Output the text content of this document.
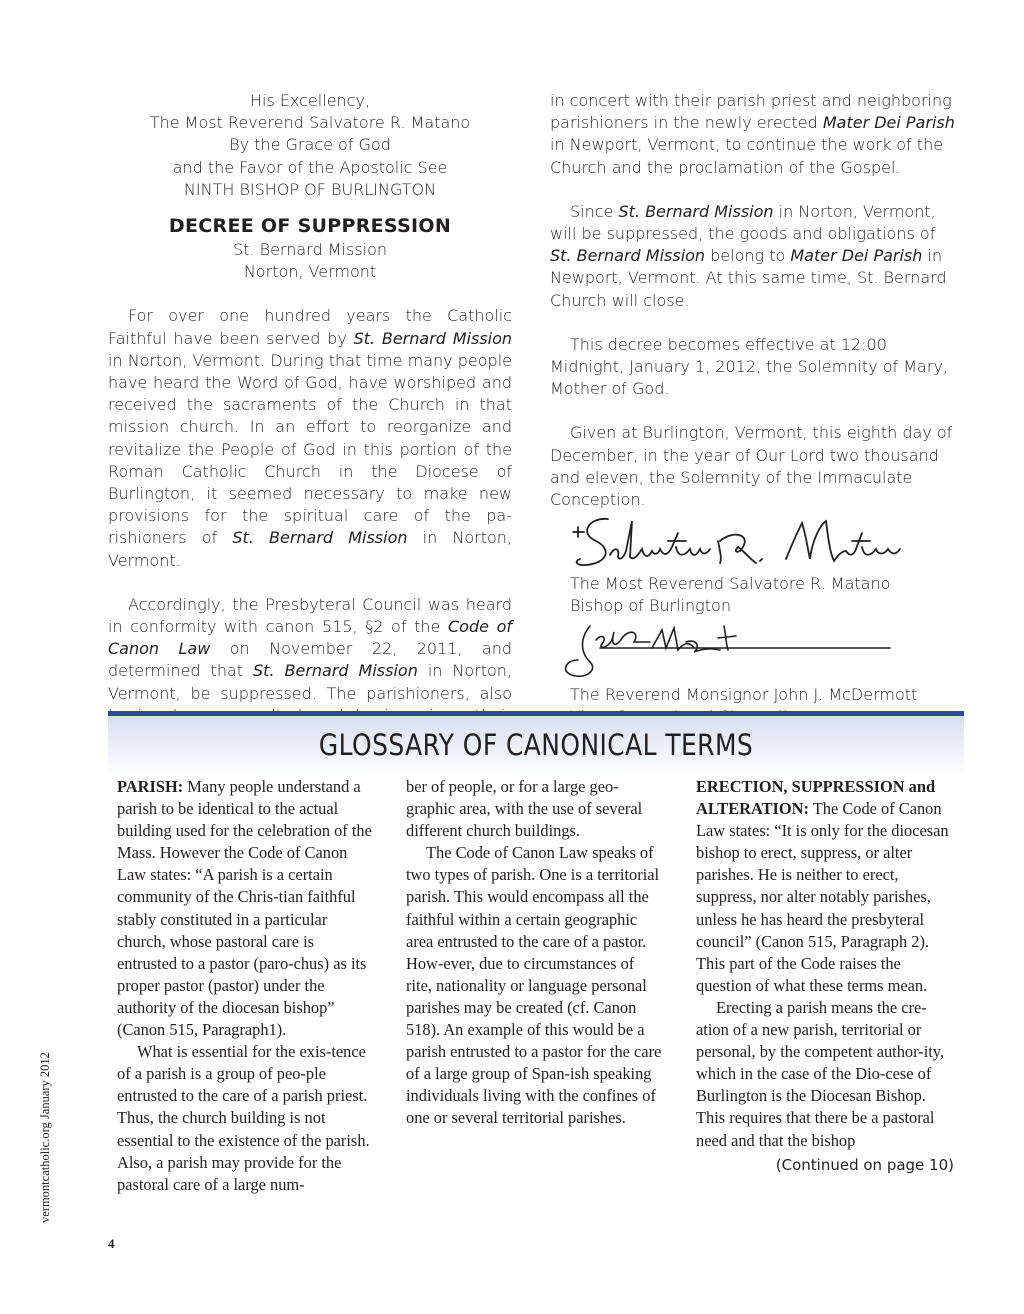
His Excellency,
The Most Reverend Salvatore R. Matano
By the Grace of God
and the Favor of the Apostolic See
NINTH BISHOP OF BURLINGTON
DECREE OF SUPPRESSION
St. Bernard Mission
Norton, Vermont

For over one hundred years the Catholic Faithful have been served by St. Bernard Mission in Norton, Vermont. During that time many people have heard the Word of God, have worshiped and received the sacraments of the Church in that mission church. In an effort to reorganize and revitalize the People of God in this portion of the Roman Catholic Church in the Diocese of Burlington, it seemed necessary to make new provisions for the spiritual care of the pa-rishioners of St. Bernard Mission in Norton, Vermont.

Accordingly, the Presbyteral Council was heard in conformity with canon 515, §2 of the Code of Canon Law on November 22, 2011, and determined that St. Bernard Mission in Norton, Vermont, be suppressed. The parishioners, also

in concert with their parish priest and neighboring parishioners in the newly erected Mater Dei Parish in Newport, Vermont, to continue the work of the Church and the proclamation of the Gospel.

Since St. Bernard Mission in Norton, Vermont, will be suppressed, the goods and obligations of St. Bernard Mission belong to Mater Dei Parish in Newport, Vermont. At this same time, St. Bernard Church will close.

This decree becomes effective at 12:00 Midnight, January 1, 2012, the Solemnity of Mary, Mother of God.

Given at Burlington, Vermont, this eighth day of December, in the year of Our Lord two thousand and eleven, the Solemnity of the Immaculate Conception.

The Most Reverend Salvatore R. Matano
Bishop of Burlington
The Reverend Monsignor John J. McDermott
GLOSSARY OF CANONICAL TERMS

PARISH: Many people understand a parish to be identical to the actual building used for the celebration of the Mass. However the Code of Canon Law states: “A parish is a certain community of the Chris-tian faithful stably constituted in a particular church, whose pastoral care is entrusted to a pastor (paro-chus) as its proper pastor (pastor) under the authority of the diocesan bishop” (Canon 515, Paragraph1).

What is essential for the exis-tence of a parish is a group of peo-ple entrusted to the care of a parish priest. Thus, the church building is not essential to the existence of the parish. Also, a parish may provide for the pastoral care of a large num-

ber of people, or for a large geo-graphic area, with the use of several different church buildings.

The Code of Canon Law speaks of two types of parish. One is a territorial parish. This would encompass all the faithful within a certain geographic area entrusted to the care of a pastor. How-ever, due to circumstances of rite, nationality or language personal parishes may be created (cf. Canon 518). An example of this would be a parish entrusted to a pastor for the care of a large group of Span-ish speaking individuals living with the confines of one or several territorial parishes.

ERECTION, SUPPRESSION and ALTERATION: The Code of Canon Law states: “It is only for the diocesan bishop to erect, suppress, or alter parishes. He is neither to erect, suppress, nor alter notably parishes, unless he has heard the presbyteral council” (Canon 515, Paragraph 2). This part of the Code raises the question of what these terms mean.

Erecting a parish means the cre-ation of a new parish, territorial or personal, by the competent author-ity, which in the case of the Dio-cese of Burlington is the Diocesan Bishop. This requires that there be a pastoral need and that the bishop

(Continued on page 10)
vermontcatholic.org January 2012
4
